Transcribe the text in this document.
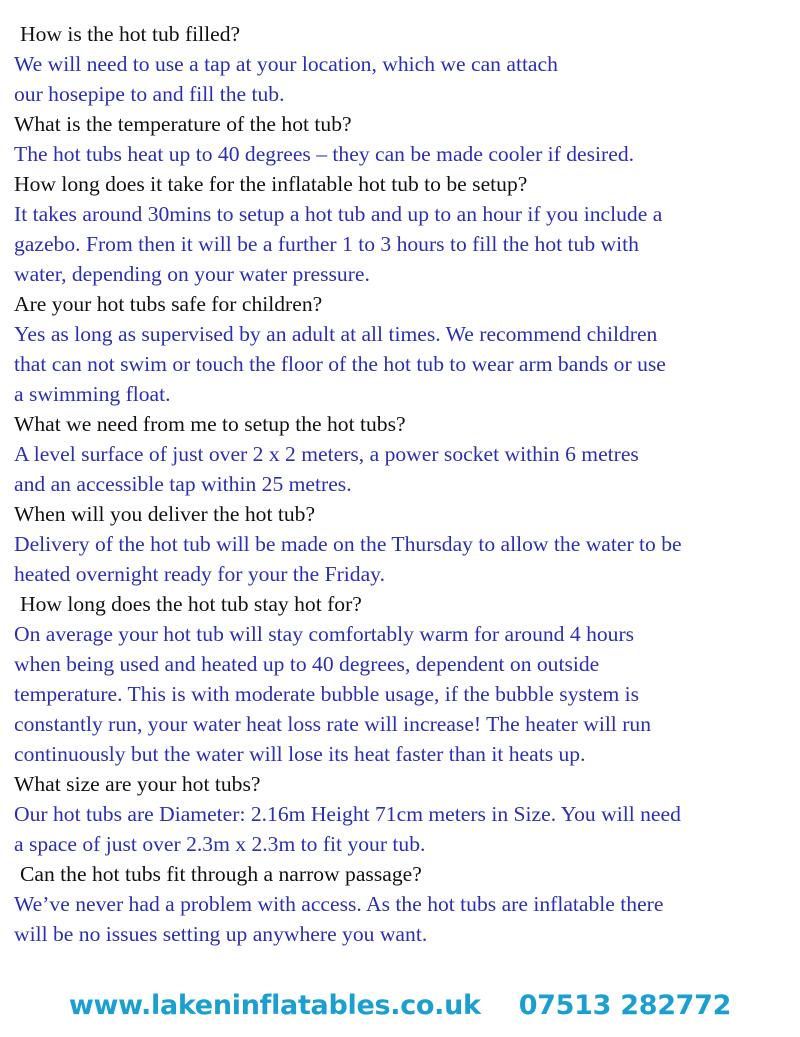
How is the hot tub filled?
We will need to use a tap at your location, which we can attach
our hosepipe to and fill the tub.
What is the temperature of the hot tub?
The hot tubs heat up to 40 degrees – they can be made cooler if desired.
How long does it take for the inflatable hot tub to be setup?
It takes around 30mins to setup a hot tub and up to an hour if you include a
gazebo. From then it will be a further 1 to 3 hours to fill the hot tub with
water, depending on your water pressure.
Are your hot tubs safe for children?
Yes as long as supervised by an adult at all times. We recommend children
that can not swim or touch the floor of the hot tub to wear arm bands or use
a swimming float.
What we need from me to setup the hot tubs?
A level surface of just over 2 x 2 meters, a power socket within 6 metres
and an accessible tap within 25 metres.
When will you deliver the hot tub?
Delivery of the hot tub will be made on the Thursday to allow the water to be
heated overnight ready for your the Friday.
How long does the hot tub stay hot for?
On average your hot tub will stay comfortably warm for around 4 hours
when being used and heated up to 40 degrees, dependent on outside
temperature. This is with moderate bubble usage, if the bubble system is
constantly run, your water heat loss rate will increase! The heater will run
continuously but the water will lose its heat faster than it heats up.
What size are your hot tubs?
Our hot tubs are Diameter: 2.16m Height 71cm meters in Size. You will need
a space of just over 2.3m x 2.3m to fit your tub.
Can the hot tubs fit through a narrow passage?
We’ve never had a problem with access. As the hot tubs are inflatable there
will be no issues setting up anywhere you want.
www.lakeninflatables.co.uk 07513 282772
